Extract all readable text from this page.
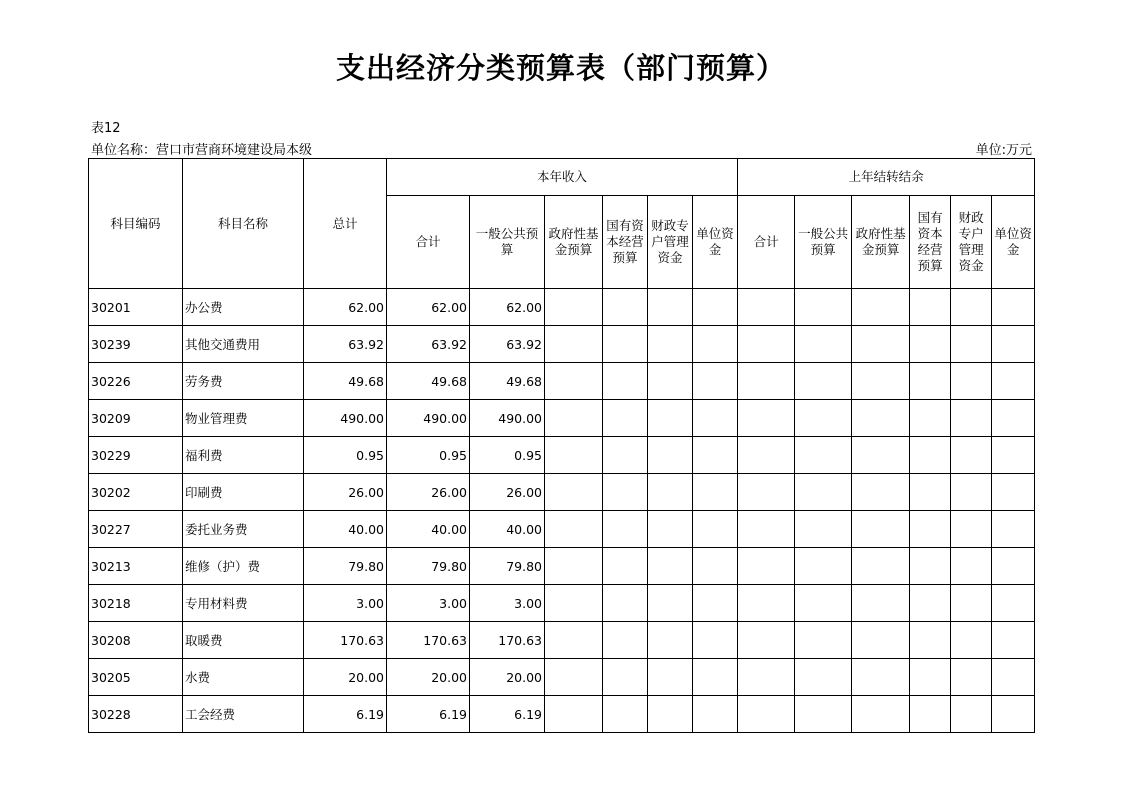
支出经济分类预算表（部门预算）
表12
单位名称：营口市营商环境建设局本级	单位:万元
科目编码	科目名称	总计	本年收入						上年结转结余					
			合计	一般公共预算	政府性基金预算	国有资本经营预算	财政专户管理资金	单位资金	合计	一般公共预算	政府性基金预算	国有资本经营预算	财政专户管理资金	单位资金
30201	办公费	62.00	62.00	62.00										
30239	其他交通费用	63.92	63.92	63.92										
30226	劳务费	49.68	49.68	49.68										
30209	物业管理费	490.00	490.00	490.00										
30229	福利费	0.95	0.95	0.95										
30202	印刷费	26.00	26.00	26.00										
30227	委托业务费	40.00	40.00	40.00										
30213	维修（护）费	79.80	79.80	79.80										
30218	专用材料费	3.00	3.00	3.00										
30208	取暖费	170.63	170.63	170.63										
30205	水费	20.00	20.00	20.00										
30228	工会经费	6.19	6.19	6.19										
